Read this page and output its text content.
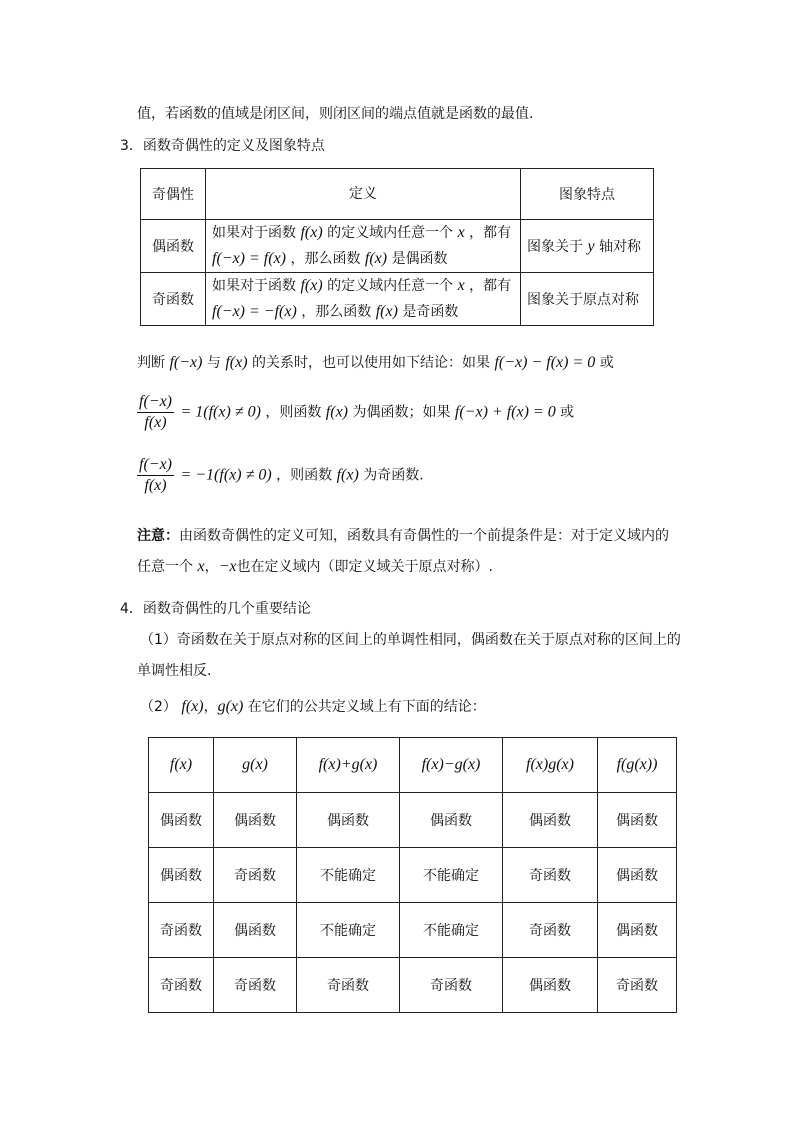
值，若函数的值域是闭区间，则闭区间的端点值就是函数的最值.
3．函数奇偶性的定义及图象特点
奇偶性	定义	图象特点
偶函数	如果对于函数 f(x) 的定义域内任意一个 x ，都有
f(−x) = f(x) ，那么函数 f(x) 是偶函数	图象关于 y 轴对称
奇函数	如果对于函数 f(x) 的定义域内任意一个 x ，都有
f(−x) = −f(x) ，那么函数 f(x) 是奇函数	图象关于原点对称
判断 f(−x) 与 f(x) 的关系时，也可以使用如下结论：如果 f(−x) − f(x) = 0 或
$\frac{f(-x)}{f(x)} = 1(f(x) \ne 0)$ ，则函数 f(x) 为偶函数；如果 f(−x) + f(x) = 0 或
$\frac{f(-x)}{f(x)} = -1(f(x) \ne 0)$ ，则函数 f(x) 为奇函数.
注意：由函数奇偶性的定义可知，函数具有奇偶性的一个前提条件是：对于定义域内的
任意一个 x，−x也在定义域内（即定义域关于原点对称）.
4．函数奇偶性的几个重要结论
（1）奇函数在关于原点对称的区间上的单调性相同，偶函数在关于原点对称的区间上的
单调性相反.
（2） f(x)，g(x) 在它们的公共定义域上有下面的结论：
f(x)	g(x)	f(x)+g(x)	f(x)−g(x)	f(x)g(x)	f(g(x))
偶函数	偶函数	偶函数	偶函数	偶函数	偶函数
偶函数	奇函数	不能确定	不能确定	奇函数	偶函数
奇函数	偶函数	不能确定	不能确定	奇函数	偶函数
奇函数	奇函数	奇函数	奇函数	偶函数	奇函数
